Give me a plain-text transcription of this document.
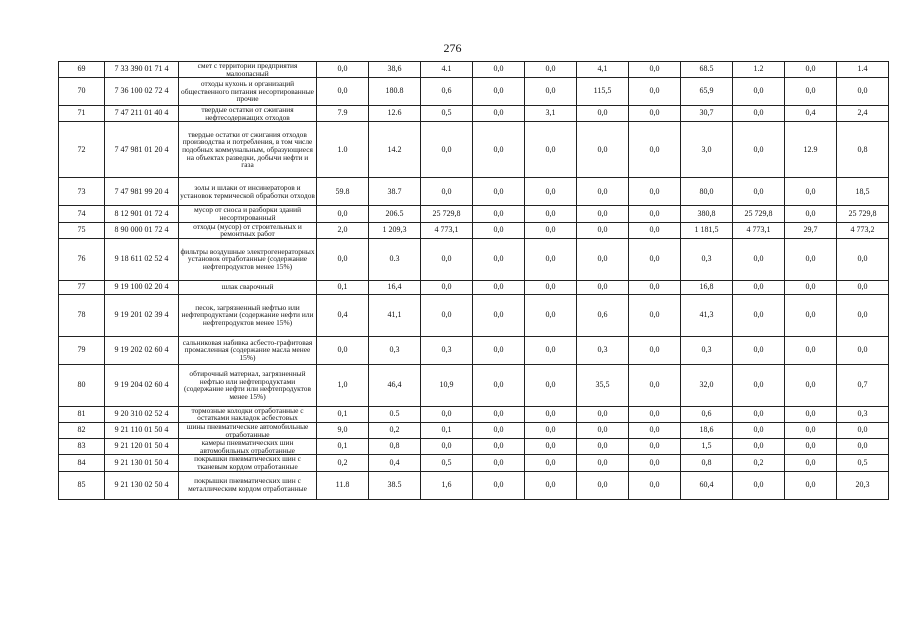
276
69	7 33 390 01 71 4	смет с территории предприятия малоопасный	0,0	38,6	4.1	0,0	0,0	4,1	0,0	68.5	1.2	0,0	1.4
70	7 36 100 02 72 4	отходы кухонь и организаций общественного питания несортированные прочие	0,0	180.8	0,6	0,0	0,0	115,5	0,0	65,9	0,0	0,0	0,0
71	7 47 211 01 40 4	твердые остатки от сжигания нефтесодержащих отходов	7.9	12.6	0,5	0,0	3,1	0,0	0,0	30,7	0,0	0,4	2,4
72	7 47 981 01 20 4	твердые остатки от сжигания отходов производства и потребления, в том числе подобных коммунальным, образующиеся на объектах разведки, добычи нефти и газа	1.0	14.2	0,0	0,0	0,0	0,0	0,0	3,0	0,0	12.9	0,8
73	7 47 981 99 20 4	золы и шлаки от инсинераторов и установок термической обработки отходов	59.8	38.7	0,0	0,0	0,0	0,0	0,0	80,0	0,0	0,0	18,5
74	8 12 901 01 72 4	мусор от сноса и разборки зданий несортированный	0,0	206.5	25 729,8	0,0	0,0	0,0	0,0	380,8	25 729,8	0,0	25 729,8
75	8 90 000 01 72 4	отходы (мусор) от строительных и ремонтных работ	2,0	1 209,3	4 773,1	0,0	0,0	0,0	0,0	1 181,5	4 773,1	29,7	4 773,2
76	9 18 611 02 52 4	фильтры воздушные электрогенераторных установок отработанные (содержание нефтепродуктов менее 15%)	0,0	0.3	0,0	0,0	0,0	0,0	0,0	0,3	0,0	0,0	0,0
77	9 19 100 02 20 4	шлак сварочный	0,1	16,4	0,0	0,0	0,0	0,0	0,0	16,8	0,0	0,0	0,0
78	9 19 201 02 39 4	песок, загрязненный нефтью или нефтепродуктами (содержание нефти или нефтепродуктов менее 15%)	0,4	41,1	0,0	0,0	0,0	0,6	0,0	41,3	0,0	0,0	0,0
79	9 19 202 02 60 4	сальниковая набивка асбесто-графитовая промасленная (содержание масла менее 15%)	0,0	0,3	0,3	0,0	0,0	0,3	0,0	0,3	0,0	0,0	0,0
80	9 19 204 02 60 4	обтирочный материал, загрязненный нефтью или нефтепродуктами (содержание нефти или нефтепродуктов менее 15%)	1,0	46,4	10,9	0,0	0,0	35,5	0,0	32,0	0,0	0,0	0,7
81	9 20 310 02 52 4	тормозные колодки отработанные с остатками накладок асбестовых	0,1	0.5	0,0	0,0	0,0	0,0	0,0	0,6	0,0	0,0	0,3
82	9 21 110 01 50 4	шины пневматические автомобильные отработанные	9,0	0,2	0,1	0,0	0,0	0,0	0,0	18,6	0,0	0,0	0,0
83	9 21 120 01 50 4	камеры пневматических шин автомобильных отработанные	0,1	0,8	0,0	0,0	0,0	0,0	0,0	1,5	0,0	0,0	0,0
84	9 21 130 01 50 4	покрышки пневматических шин с тканевым кордом отработанные	0,2	0,4	0,5	0,0	0,0	0,0	0,0	0,8	0,2	0,0	0,5
85	9 21 130 02 50 4	покрышки пневматических шин с металлическим кордом отработанные	11.8	38.5	1,6	0,0	0,0	0,0	0,0	60,4	0,0	0,0	20,3
